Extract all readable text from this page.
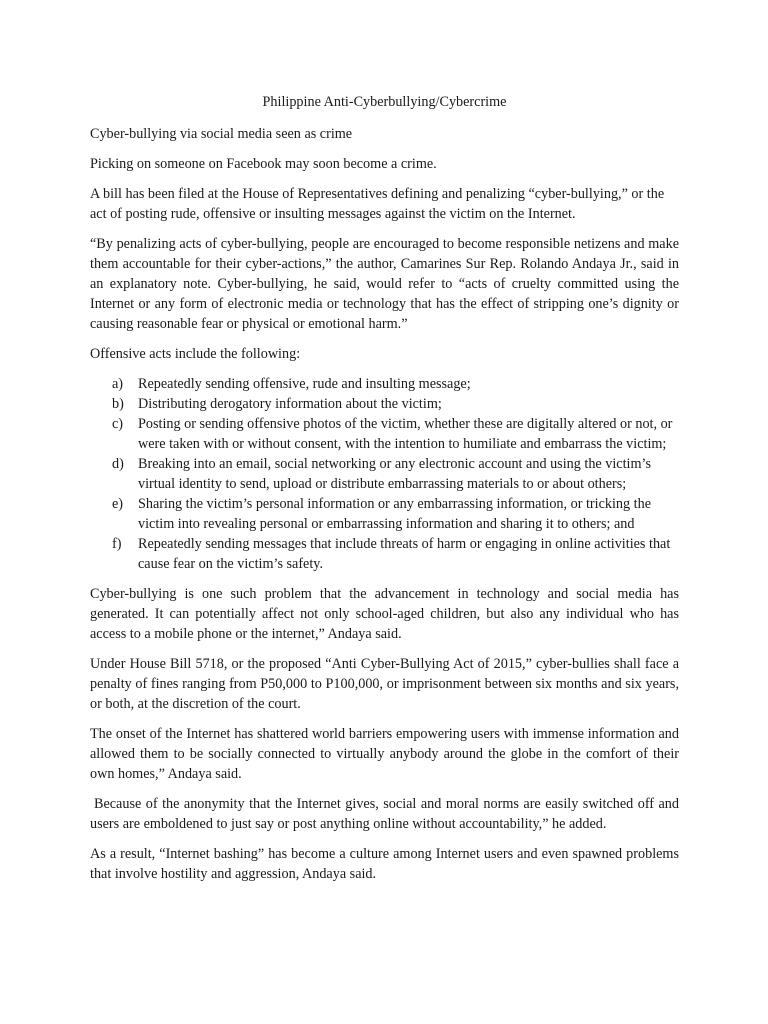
Philippine Anti-Cyberbullying/Cybercrime

Cyber-bullying via social media seen as crime

Picking on someone on Facebook may soon become a crime.

A bill has been filed at the House of Representatives defining and penalizing “cyber-bullying,” or the act of posting rude, offensive or insulting messages against the victim on the Internet.

“By penalizing acts of cyber-bullying, people are encouraged to become responsible netizens and make them accountable for their cyber-actions,” the author, Camarines Sur Rep. Rolando Andaya Jr., said in an explanatory note. Cyber-bullying, he said, would refer to “acts of cruelty committed using the Internet or any form of electronic media or technology that has the effect of stripping one’s dignity or causing reasonable fear or physical or emotional harm.”

Offensive acts include the following:

a) Repeatedly sending offensive, rude and insulting message;
b) Distributing derogatory information about the victim;
c) Posting or sending offensive photos of the victim, whether these are digitally altered or not, or were taken with or without consent, with the intention to humiliate and embarrass the victim;
d) Breaking into an email, social networking or any electronic account and using the victim’s virtual identity to send, upload or distribute embarrassing materials to or about others;
e) Sharing the victim’s personal information or any embarrassing information, or tricking the victim into revealing personal or embarrassing information and sharing it to others; and
f) Repeatedly sending messages that include threats of harm or engaging in online activities that cause fear on the victim’s safety.

Cyber-bullying is one such problem that the advancement in technology and social media has generated. It can potentially affect not only school-aged children, but also any individual who has access to a mobile phone or the internet,” Andaya said.

Under House Bill 5718, or the proposed “Anti Cyber-Bullying Act of 2015,” cyber-bullies shall face a penalty of fines ranging from P50,000 to P100,000, or imprisonment between six months and six years, or both, at the discretion of the court.

The onset of the Internet has shattered world barriers empowering users with immense information and allowed them to be socially connected to virtually anybody around the globe in the comfort of their own homes,” Andaya said.

Because of the anonymity that the Internet gives, social and moral norms are easily switched off and users are emboldened to just say or post anything online without accountability,” he added.

As a result, “Internet bashing” has become a culture among Internet users and even spawned problems that involve hostility and aggression, Andaya said.
